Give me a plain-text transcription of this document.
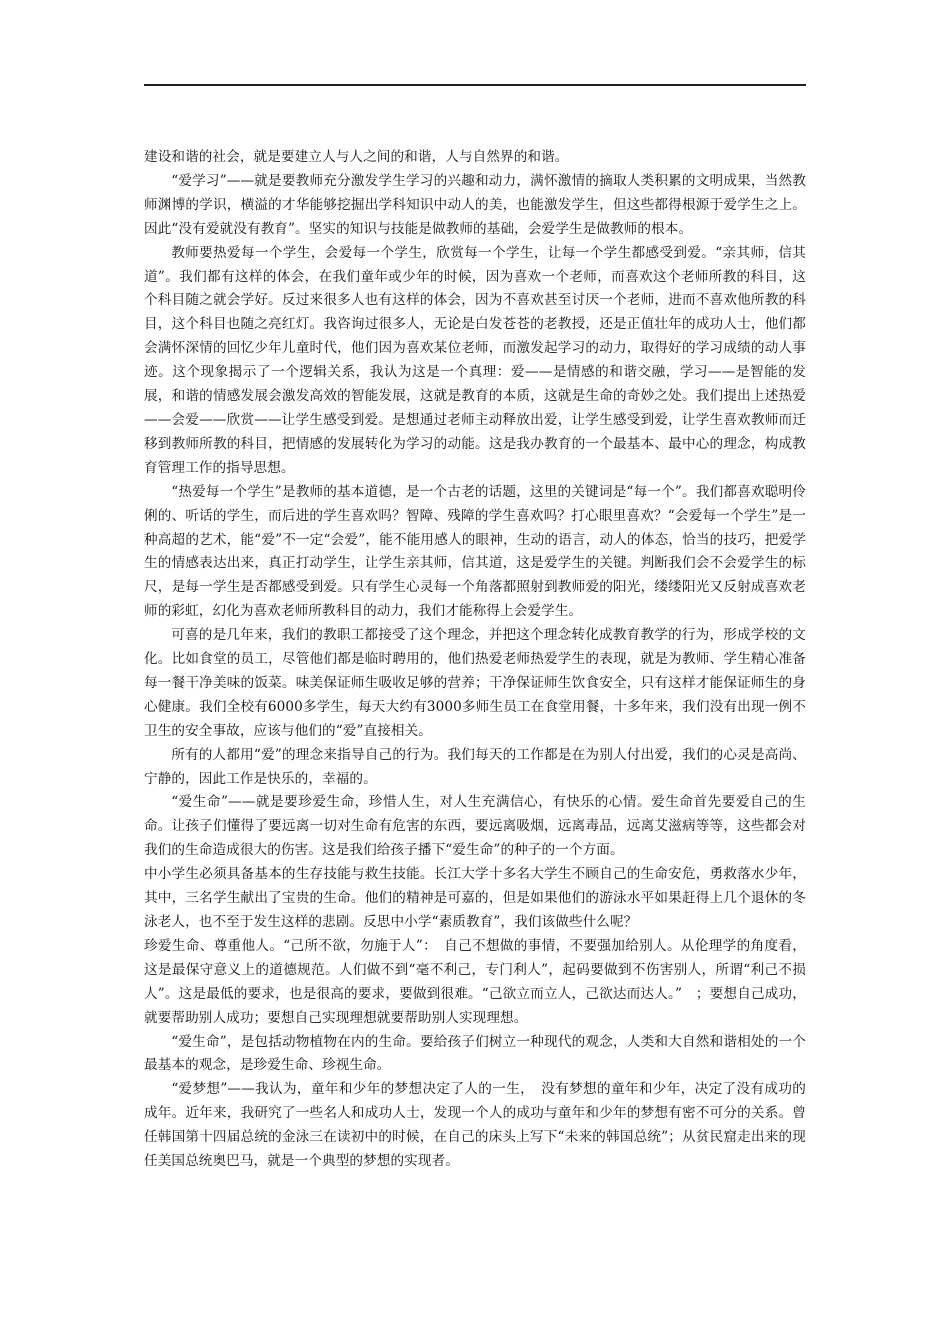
建设和谐的社会，就是要建立人与人之间的和谐，人与自然界的和谐。

“爱学习”——就是要教师充分激发学生学习的兴趣和动力，满怀激情的摘取人类积累的文明成果，当然教师渊博的学识，横溢的才华能够挖掘出学科知识中动人的美，也能激发学生，但这些都得根源于爱学生之上。因此“没有爱就没有教育”。坚实的知识与技能是做教师的基础，会爱学生是做教师的根本。

教师要热爱每一个学生，会爱每一个学生，欣赏每一个学生，让每一个学生都感受到爱。“亲其师，信其道”。我们都有这样的体会，在我们童年或少年的时候，因为喜欢一个老师，而喜欢这个老师所教的科目，这个科目随之就会学好。反过来很多人也有这样的体会，因为不喜欢甚至讨厌一个老师，进而不喜欢他所教的科目，这个科目也随之亮红灯。我咨询过很多人，无论是白发苍苍的老教授，还是正值壮年的成功人士，他们都会满怀深情的回忆少年儿童时代，他们因为喜欢某位老师，而激发起学习的动力，取得好的学习成绩的动人事迹。这个现象揭示了一个逻辑关系，我认为这是一个真理：爱——是情感的和谐交融，学习——是智能的发展，和谐的情感发展会激发高效的智能发展，这就是教育的本质，这就是生命的奇妙之处。我们提出上述热爱——会爱——欣赏——让学生感受到爱。是想通过老师主动释放出爱，让学生感受到爱，让学生喜欢教师而迁移到教师所教的科目，把情感的发展转化为学习的动能。这是我办教育的一个最基本、最中心的理念，构成教育管理工作的指导思想。

“热爱每一个学生”是教师的基本道德，是一个古老的话题，这里的关键词是“每一个”。我们都喜欢聪明伶俐的、听话的学生，而后进的学生喜欢吗？智障、残障的学生喜欢吗？打心眼里喜欢？“会爱每一个学生”是一种高超的艺术，能“爱”不一定“会爱”，能不能用感人的眼神，生动的语言，动人的体态，恰当的技巧，把爱学生的情感表达出来，真正打动学生，让学生亲其师，信其道，这是爱学生的关键。判断我们会不会爱学生的标尺，是每一学生是否都感受到爱。只有学生心灵每一个角落都照射到教师爱的阳光，缕缕阳光又反射成喜欢老师的彩虹，幻化为喜欢老师所教科目的动力，我们才能称得上会爱学生。

可喜的是几年来，我们的教职工都接受了这个理念，并把这个理念转化成教育教学的行为，形成学校的文化。比如食堂的员工，尽管他们都是临时聘用的，他们热爱老师热爱学生的表现，就是为教师、学生精心准备每一餐干净美味的饭菜。味美保证师生吸收足够的营养；干净保证师生饮食安全，只有这样才能保证师生的身心健康。我们全校有6000多学生，每天大约有3000多师生员工在食堂用餐，十多年来，我们没有出现一例不卫生的安全事故，应该与他们的“爱”直接相关。

所有的人都用“爱”的理念来指导自己的行为。我们每天的工作都是在为别人付出爱，我们的心灵是高尚、宁静的，因此工作是快乐的，幸福的。

“爱生命”——就是要珍爱生命，珍惜人生，对人生充满信心，有快乐的心情。爱生命首先要爱自己的生命。让孩子们懂得了要远离一切对生命有危害的东西，要远离吸烟，远离毒品，远离艾滋病等等，这些都会对我们的生命造成很大的伤害。这是我们给孩子播下“爱生命”的种子的一个方面。

中小学生必须具备基本的生存技能与救生技能。长江大学十多名大学生不顾自己的生命安危，勇救落水少年，其中，三名学生献出了宝贵的生命。他们的精神是可嘉的，但是如果他们的游泳水平如果赶得上几个退休的冬泳老人，也不至于发生这样的悲剧。反思中小学“素质教育”，我们该做些什么呢？

珍爱生命、尊重他人。“己所不欲，勿施于人”：　自己不想做的事情，不要强加给别人。从伦理学的角度看，这是最保守意义上的道德规范。人们做不到“毫不利己，专门利人”，起码要做到不伤害别人，所谓“利己不损人”。这是最低的要求，也是很高的要求，要做到很难。“己欲立而立人，己欲达而达人。”　；要想自己成功，就要帮助别人成功；要想自己实现理想就要帮助别人实现理想。

“爱生命”，是包括动物植物在内的生命。要给孩子们树立一种现代的观念，人类和大自然和谐相处的一个最基本的观念，是珍爱生命、珍视生命。

“爱梦想”——我认为，童年和少年的梦想决定了人的一生，　没有梦想的童年和少年，决定了没有成功的成年。近年来，我研究了一些名人和成功人士，发现一个人的成功与童年和少年的梦想有密不可分的关系。曾任韩国第十四届总统的金泳三在读初中的时候，在自己的床头上写下“未来的韩国总统”；从贫民窟走出来的现任美国总统奥巴马，就是一个典型的梦想的实现者。
